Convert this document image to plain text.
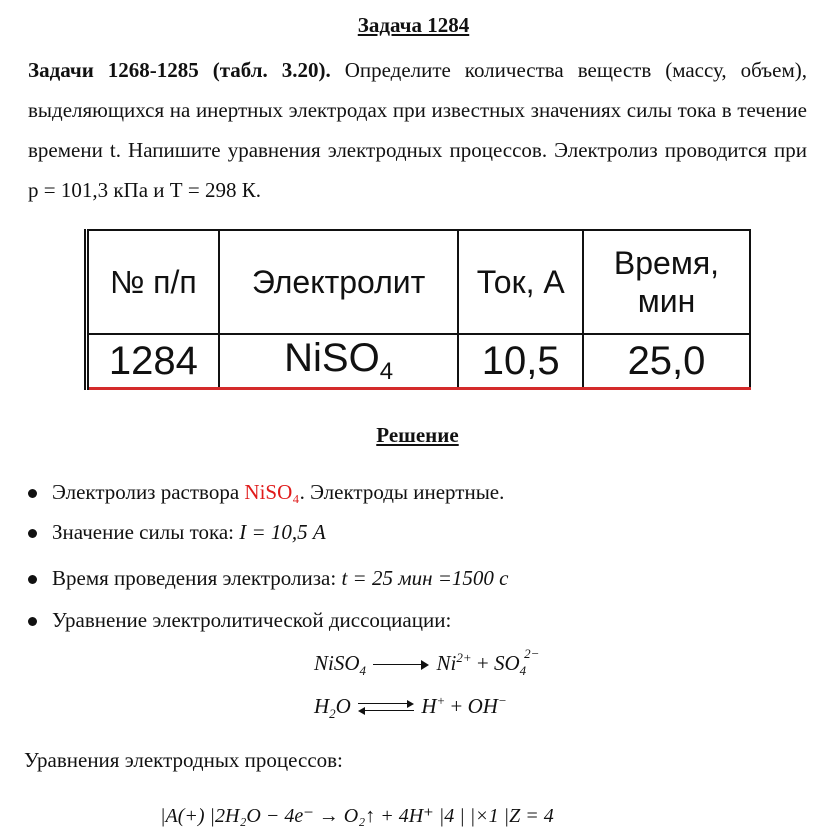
Задача 1284
Задачи 1268-1285 (табл. 3.20). Определите количества веществ (массу, объем), выделяющихся на инертных электродах при известных значениях силы тока в течение времени t. Напишите уравнения электродных процессов. Электролиз проводится при р = 101,3 кПа и Т = 298 К.
№ п/п	Электролит	Ток, А	Время, мин
1284	NiSO$_4$	10,5	25,0
Решение
Электролиз раствора NiSO₄. Электроды инертные.
Значение силы тока: I = 10,5 А
Время проведения электролиза: t = 25 мин =1500 с
Уравнение электролитической диссоциации:
NiSO$_4$	$Ni^{2+} + SO_4^{2-}$
$H_2O$	H+ + OH−
Уравнения электродных процессов:
|A(+) |2H₂O − 4e⁻ → O₂↑ + 4H⁺ |4 | |×1 |Z = 4
